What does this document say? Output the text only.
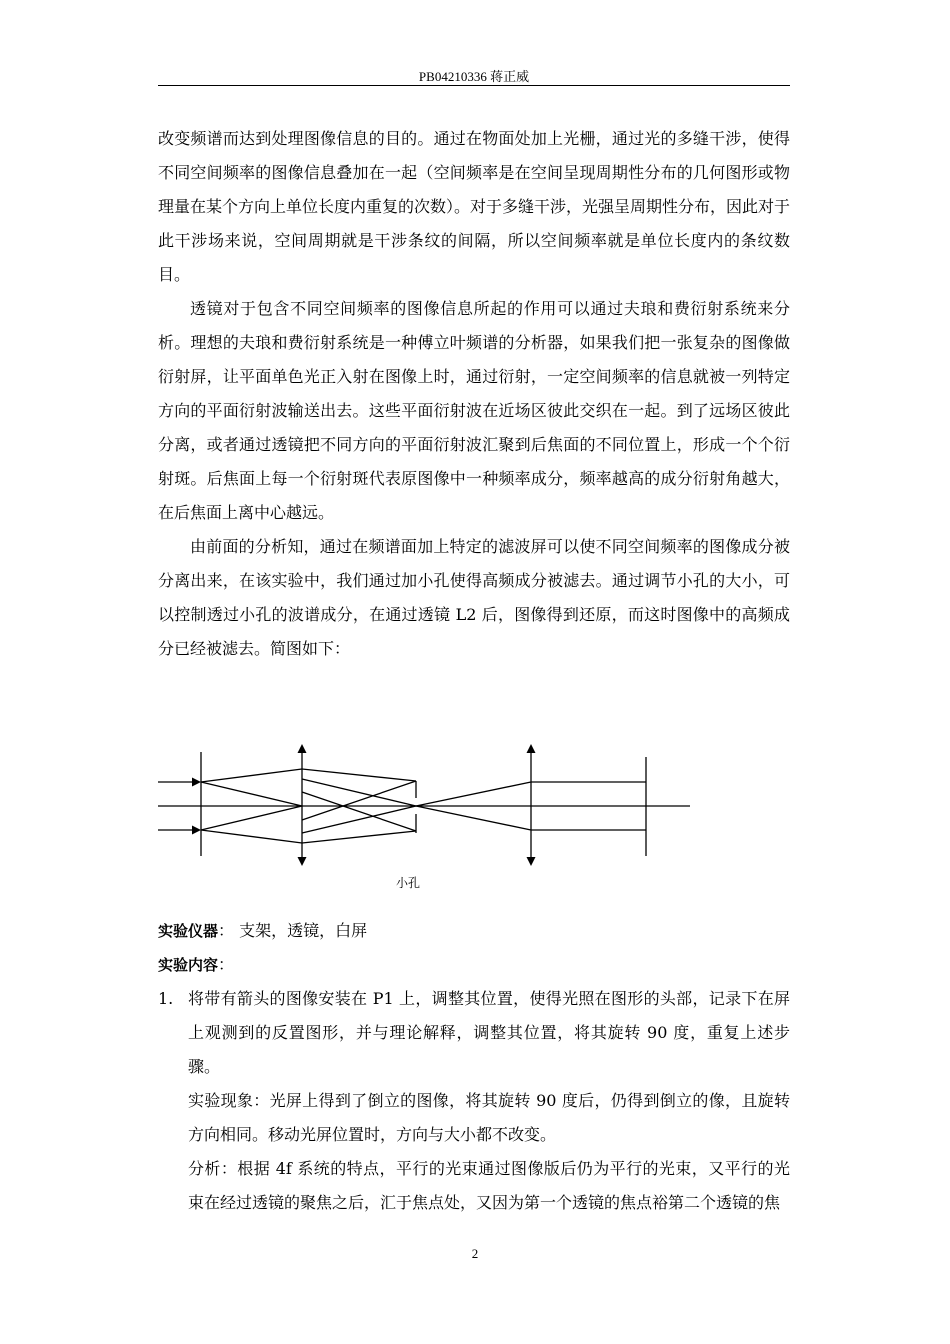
PB04210336 蒋正威

改变频谱而达到处理图像信息的目的。通过在物面处加上光栅，通过光的多缝干涉，使得不同空间频率的图像信息叠加在一起（空间频率是在空间呈现周期性分布的几何图形或物理量在某个方向上单位长度内重复的次数）。对于多缝干涉，光强呈周期性分布，因此对于此干涉场来说，空间周期就是干涉条纹的间隔，所以空间频率就是单位长度内的条纹数目。

透镜对于包含不同空间频率的图像信息所起的作用可以通过夫琅和费衍射系统来分析。理想的夫琅和费衍射系统是一种傅立叶频谱的分析器，如果我们把一张复杂的图像做衍射屏，让平面单色光正入射在图像上时，通过衍射，一定空间频率的信息就被一列特定方向的平面衍射波输送出去。这些平面衍射波在近场区彼此交织在一起。到了远场区彼此分离，或者通过透镜把不同方向的平面衍射波汇聚到后焦面的不同位置上，形成一个个衍射斑。后焦面上每一个衍射斑代表原图像中一种频率成分，频率越高的成分衍射角越大，在后焦面上离中心越远。

由前面的分析知，通过在频谱面加上特定的滤波屏可以使不同空间频率的图像成分被分离出来，在该实验中，我们通过加小孔使得高频成分被滤去。通过调节小孔的大小，可以控制透过小孔的波谱成分，在通过透镜 L2 后，图像得到还原，而这时图像中的高频成分已经被滤去。简图如下：

小孔
实验仪器： 支架，透镜，白屏
实验内容：
1. 将带有箭头的图像安装在 P1 上，调整其位置，使得光照在图形的头部，记录下在屏上观测到的反置图形，并与理论解释，调整其位置，将其旋转 90 度，重复上述步骤。

实验现象：光屏上得到了倒立的图像，将其旋转 90 度后，仍得到倒立的像，且旋转方向相同。移动光屏位置时，方向与大小都不改变。

分析：根据 4f 系统的特点，平行的光束通过图像版后仍为平行的光束，又平行的光束在经过透镜的聚焦之后，汇于焦点处，又因为第一个透镜的焦点裕第二个透镜的焦

2
